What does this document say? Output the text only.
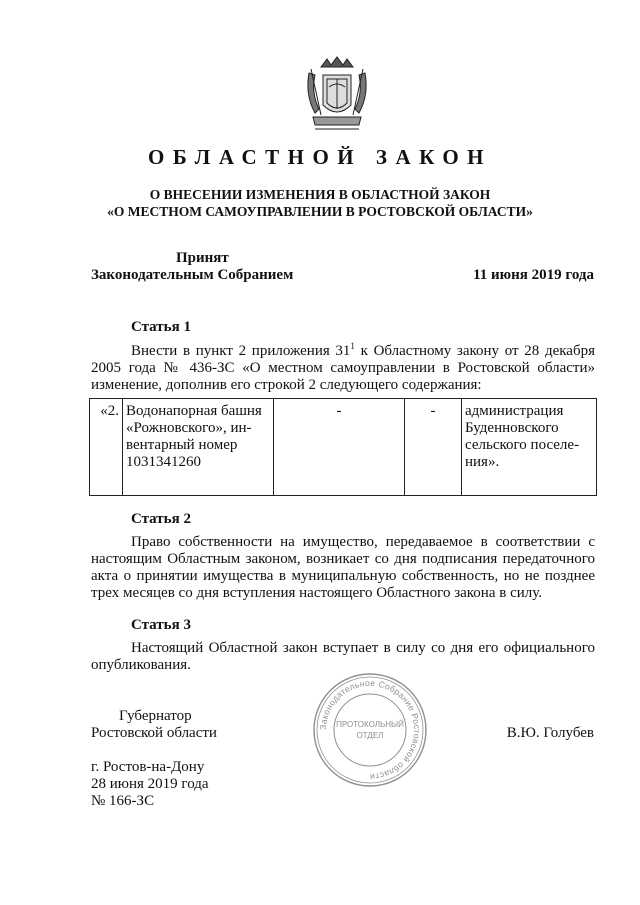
ОБЛАСТНОЙ ЗАКОН
О ВНЕСЕНИИ ИЗМЕНЕНИЯ В ОБЛАСТНОЙ ЗАКОН
«О МЕСТНОМ САМОУПРАВЛЕНИИ В РОСТОВСКОЙ ОБЛАСТИ»
Принят
Законодательным Собранием	11 июня 2019 года
Статья 1

Внести в пункт 2 приложения $31^1$ к Областному закону от 28 декабря 2005 года № 436-ЗС «О местном самоуправлении в Ростовской области» изменение, дополнив его строкой 2 следующего содержания:

«2.	Водонапорная башня «Рожновского», ин-вентарный номер 1031341260	-	-	администрация Буденновского сельского поселе-ния».
Статья 2

Право собственности на имущество, передаваемое в соответствии с настоящим Областным законом, возникает со дня подписания передаточного акта о принятии имущества в муниципальную собственность, но не позднее трех месяцев со дня вступления настоящего Областного закона в силу.

Статья 3

Настоящий Областной закон вступает в силу со дня его официального опубликования.

Законодательное Собрание Ростовской области
ПРОТОКОЛЬНЫЙ
ОТДЕЛ
Губернатор
Ростовской области	В.Ю. Голубев
г. Ростов-на-Дону
28 июня 2019 года
№ 166-ЗС
